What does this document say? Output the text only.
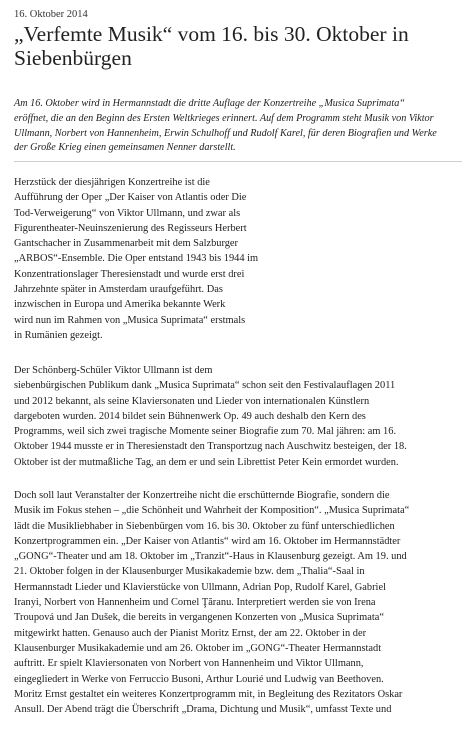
16. Oktober 2014
„Verfemte Musik“ vom 16. bis 30. Oktober in
Siebenbürgen

Am 16. Oktober wird in Hermannstadt die dritte Auflage der Konzertreihe „Musica Suprimata“
eröffnet, die an den Beginn des Ersten Weltkrieges erinnert. Auf dem Programm steht Musik von Viktor
Ullmann, Norbert von Hannenheim, Erwin Schulhoff und Rudolf Karel, für deren Biografien und Werke
der Große Krieg einen gemeinsamen Nenner darstellt.

Herzstück der diesjährigen Konzertreihe ist die
Aufführung der Oper „Der Kaiser von Atlantis oder Die
Tod-Verweigerung“ von Viktor Ullmann, und zwar als
Figurentheater-Neuinszenierung des Regisseurs Herbert
Gantschacher in Zusammenarbeit mit dem Salzburger
„ARBOS“-Ensemble. Die Oper entstand 1943 bis 1944 im
Konzentrationslager Theresienstadt und wurde erst drei
Jahrzehnte später in Amsterdam uraufgeführt. Das
inzwischen in Europa und Amerika bekannte Werk
wird nun im Rahmen von „Musica Suprimata“ erstmals
in Rumänien gezeigt.

Der Schönberg-Schüler Viktor Ullmann ist dem
siebenbürgischen Publikum dank „Musica Suprimata“ schon seit den Festivalauflagen 2011
und 2012 bekannt, als seine Klaviersonaten und Lieder von internationalen Künstlern
dargeboten wurden. 2014 bildet sein Bühnenwerk Op. 49 auch deshalb den Kern des
Programms, weil sich zwei tragische Momente seiner Biografie zum 70. Mal jähren: am 16.
Oktober 1944 musste er in Theresienstadt den Transportzug nach Auschwitz besteigen, der 18.
Oktober ist der mutmaßliche Tag, an dem er und sein Librettist Peter Kein ermordet wurden.

Doch soll laut Veranstalter der Konzertreihe nicht die erschütternde Biografie, sondern die
Musik im Fokus stehen – „die Schönheit und Wahrheit der Komposition“. „Musica Suprimata“
lädt die Musikliebhaber in Siebenbürgen vom 16. bis 30. Oktober zu fünf unterschiedlichen
Konzertprogrammen ein. „Der Kaiser von Atlantis“ wird am 16. Oktober im Hermannstädter
„GONG“-Theater und am 18. Oktober im „Tranzit“-Haus in Klausenburg gezeigt. Am 19. und
21. Oktober folgen in der Klausenburger Musikakademie bzw. dem „Thalia“-Saal in
Hermannstadt Lieder und Klavierstücke von Ullmann, Adrian Pop, Rudolf Karel, Gabriel
Iranyi, Norbert von Hannenheim und Cornel Ţăranu. Interpretiert werden sie von Irena
Troupová und Jan Dušek, die bereits in vergangenen Konzerten von „Musica Suprimata“
mitgewirkt hatten. Genauso auch der Pianist Moritz Ernst, der am 22. Oktober in der
Klausenburger Musikakademie und am 26. Oktober im „GONG“-Theater Hermannstadt
auftritt. Er spielt Klaviersonaten von Norbert von Hannenheim und Viktor Ullmann,
eingegliedert in Werke von Ferruccio Busoni, Arthur Lourié und Ludwig van Beethoven.
Moritz Ernst gestaltet ein weiteres Konzertprogramm mit, in Begleitung des Rezitators Oskar
Ansull. Der Abend trägt die Überschrift „Drama, Dichtung und Musik“, umfasst Texte und
